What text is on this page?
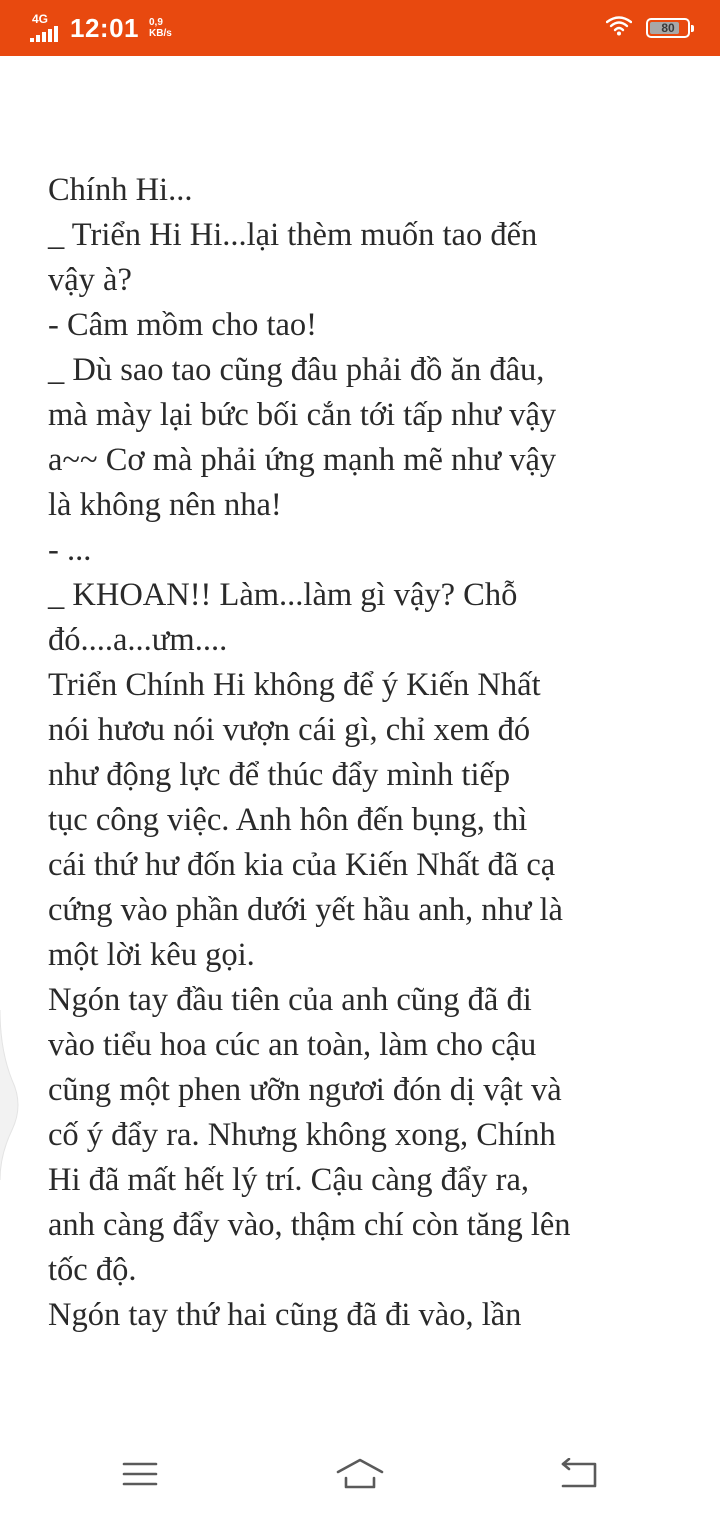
4G 12:01 0,9
KB/s	80
Chính Hi...
_ Triển Hi Hi...lại thèm muốn tao đến
vậy à?
- Câm mồm cho tao!
_ Dù sao tao cũng đâu phải đồ ăn đâu,
mà mày lại bức bối cắn tới tấp như vậy
a~~ Cơ mà phải ứng mạnh mẽ như vậy
là không nên nha!
- ...
_ KHOAN!! Làm...làm gì vậy? Chỗ
đó....a...ưm....
Triển Chính Hi không để ý Kiến Nhất
nói hươu nói vượn cái gì, chỉ xem đó
như động lực để thúc đẩy mình tiếp
tục công việc. Anh hôn đến bụng, thì
cái thứ hư đốn kia của Kiến Nhất đã cạ
cứng vào phần dưới yết hầu anh, như là
một lời kêu gọi.
Ngón tay đầu tiên của anh cũng đã đi
vào tiểu hoa cúc an toàn, làm cho cậu
cũng một phen ưỡn ngươi đón dị vật và
cố ý đẩy ra. Nhưng không xong, Chính
Hi đã mất hết lý trí. Cậu càng đẩy ra,
anh càng đẩy vào, thậm chí còn tăng lên
tốc độ.
Ngón tay thứ hai cũng đã đi vào, lần
